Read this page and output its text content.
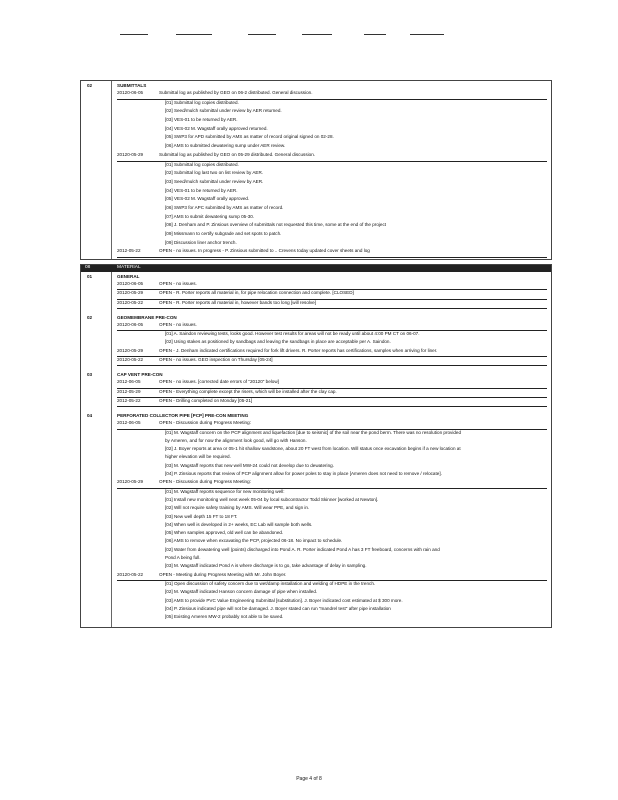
02	SUBMITTALS
20120-06-05	Submittal log as published by GEO on 06-2 distributed. General discussion.
[01] Submittal log copies distributed.
[02] Seed/mulch submittal under review by AER returned.
[03] VES-01 to be returned by AER.
[04] VES-02 M. Wagstaff orally approved returned.
[05] SWP3 for APD submitted by AMS as matter of record original signed on 02-28.
[06] AMS to submitted dewatering sump under AER review.
20120-05-29	Submittal log as published by GEO on 05-29 distributed. General discussion.
[01] Submittal log copies distributed.
[02] Submittal log last two on list review by AER.
[03] Seed/mulch submittal under review by AER.
[04] VES-01 to be returned by AER.
[05] VES-02 M. Wagstaff orally approved.
[06] SWP3 for APC submitted by AMS as matter of record.
[07] AMS to submit dewatering sump 05-30.
[08] J. Denham and P. Zinsious overview of submittals not requested this time, some at the end of the project
[09] Missmann to certify subgrade and set spots to patch.
[09] Discussion liner anchor trench.
2012-05-22	OPEN - no issues. In progress - P. Zinsious submitted to .. Crevens today updated cover sheets and log
08	MATERIAL
01	GENERAL
20120-06-05	OPEN - no issues.
20120-05-29	OPEN - R. Porter reports all material in, for pipe relocation connection and complete. [CLOSED]
20120-05-22	OPEN - R. Porter reports all material in, however bands too long [will resolve]
02	GEOMEMBRANE PRE-CON
20120-06-05	OPEN - no issues.
[01] A. Saindon reviewing tests, looks good. However test results for areas will not be ready until about 4:00 PM CT on 06-07.
[02] Using stakes as positioned by sandbags and leaving the sandbags in place are acceptable per A. Saindon.
20120-05-29	OPEN - J. Denham indicated certifications required for fork lift drivers. R. Porter reports has certifications, samples when arriving for liner.
20120-05-22	OPEN - no issues. GEO inspection on Thursday [05-24]
03	CAP VENT PRE-CON
2012-06-05	OPEN - no issues. [corrected date errors of "20120" below]
2012-05-29	OPEN - Everything complete except the risers, which will be installed after the clay cap.
2012-05-22	OPEN - Drilling completed on Monday [05-21]
04	PERFORATED COLLECTOR PIPE [PCP] PRE-CON MEETING
2012-06-05	OPEN - Discussion during Progress Meeting:
[01] M. Wagstaff concern on the PCP alignment and liquefaction [due to seismic] of the soil near the pond berm. There was no resolution provided
by Ameren, and for now the alignment look good, will go with Hanson.
[02] J. Boyer reports at area or 05-1 hit shallow sandstone, about 20 FT west from location. Will status once excavation begins if a new location at
higher elevation will be required.
[03] M. Wagstaff reports that new well MW-24 could not develop due to dewatering.
[04] P. Zinsious reports that review of PCP alignment allow for power poles to stay in place [Ameren does not need to remove / relocate].
20120-05-29	OPEN - Discussion during Progress Meeting:
[01] M. Wagstaff reports sequence for new monitoring well:
[01] Install new monitoring well next week 05-04 by local subcontractor Todd Skinner [worked at Newton].
[02] Will not require safety training by AMS. Will wear PPE, and sign in.
[03] New well depth 15 FT to 18 FT.
[04] When well is developed in 2+ weeks, EC Lab will sample both wells.
[05] When samples approved, old well can be abandoned.
[06] AMS to remove when excavating the PCP, projected 06-18. No impact to schedule.
[02] Water from dewatering well (points) discharged into Pond A. R. Porter indicated Pond A has 3 FT freeboard, concerns with rain and
Pond A being full.
[03] M. Wagstaff indicated Pond A is where discharge is to go, take advantage of delay in sampling.
20120-05-22	OPEN - Meeting during Progress Meeting with Mr. John Boyer.
[01] Open discussion of safety concern due to wet/damp installation and welding of HDPE in the trench.
[02] M. Wagstaff indicated Hanson concern damage of pipe when installed.
[03] AMS to provide PVC Value Engineering Submittal [substitution]. J. Boyer indicated cost estimated at $ 300 more.
[04] P. Zinsious indicated pipe will not be damaged. J. Boyer stated can run "mandrel test" after pipe installation
[05] Existing Ameren MW-2 probably not able to be saved.
Page 4 of 8
